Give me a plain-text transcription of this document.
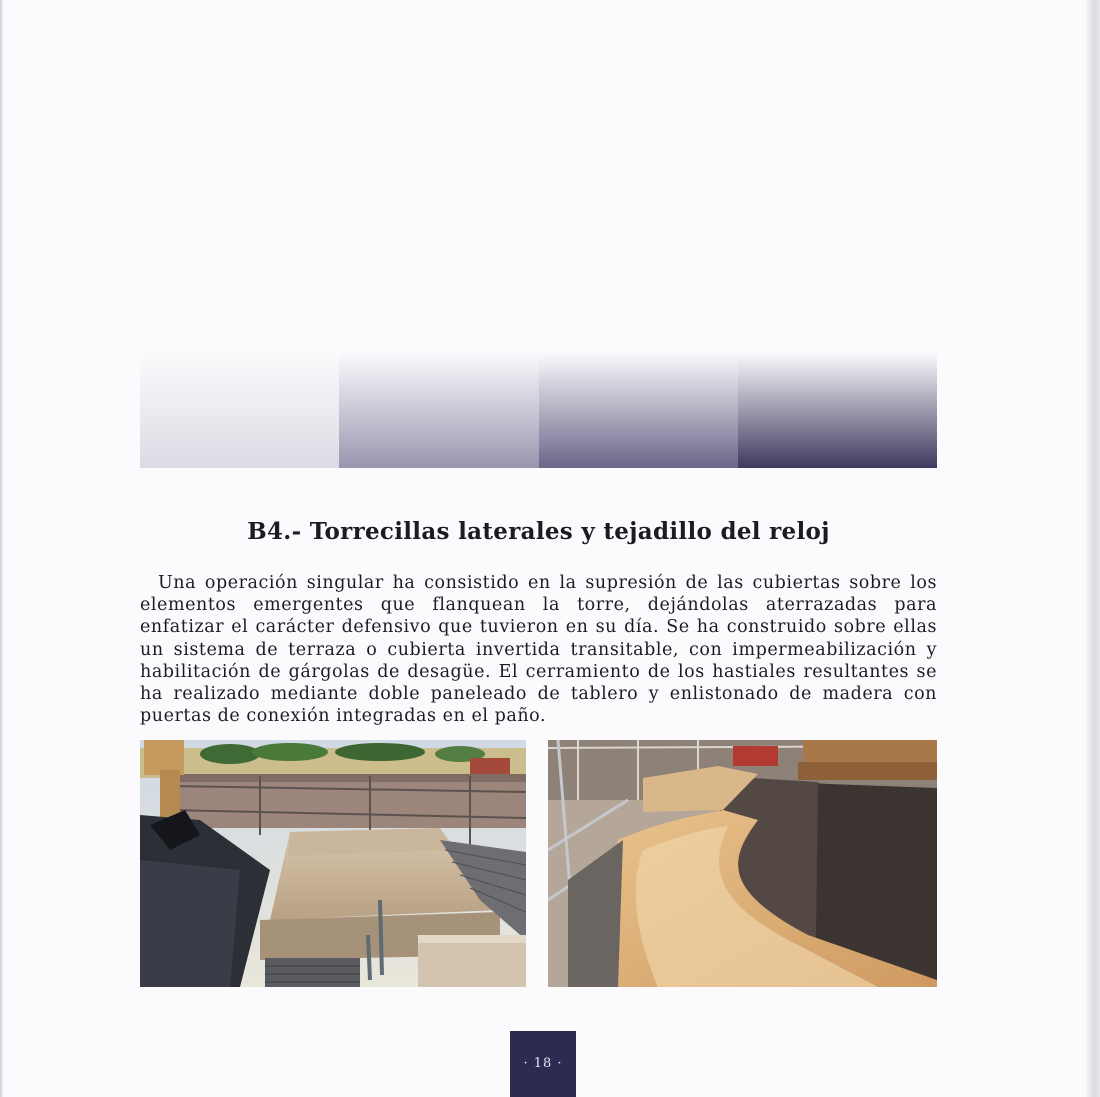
B4.- Torrecillas laterales y tejadillo del reloj

Una operación singular ha consistido en la supresión de las cubiertas sobre los elementos emergentes que flanquean la torre, dejándolas aterrazadas para enfatizar el carácter defensivo que tuvieron en su día. Se ha construido sobre ellas un sistema de terraza o cubierta invertida transitable, con impermeabilización y habilitación de gárgolas de desagüe. El cerramiento de los hastiales resultantes se ha realizado mediante doble paneleado de tablero y enlistonado de madera con puertas de conexión integradas en el paño.

· 18 ·
